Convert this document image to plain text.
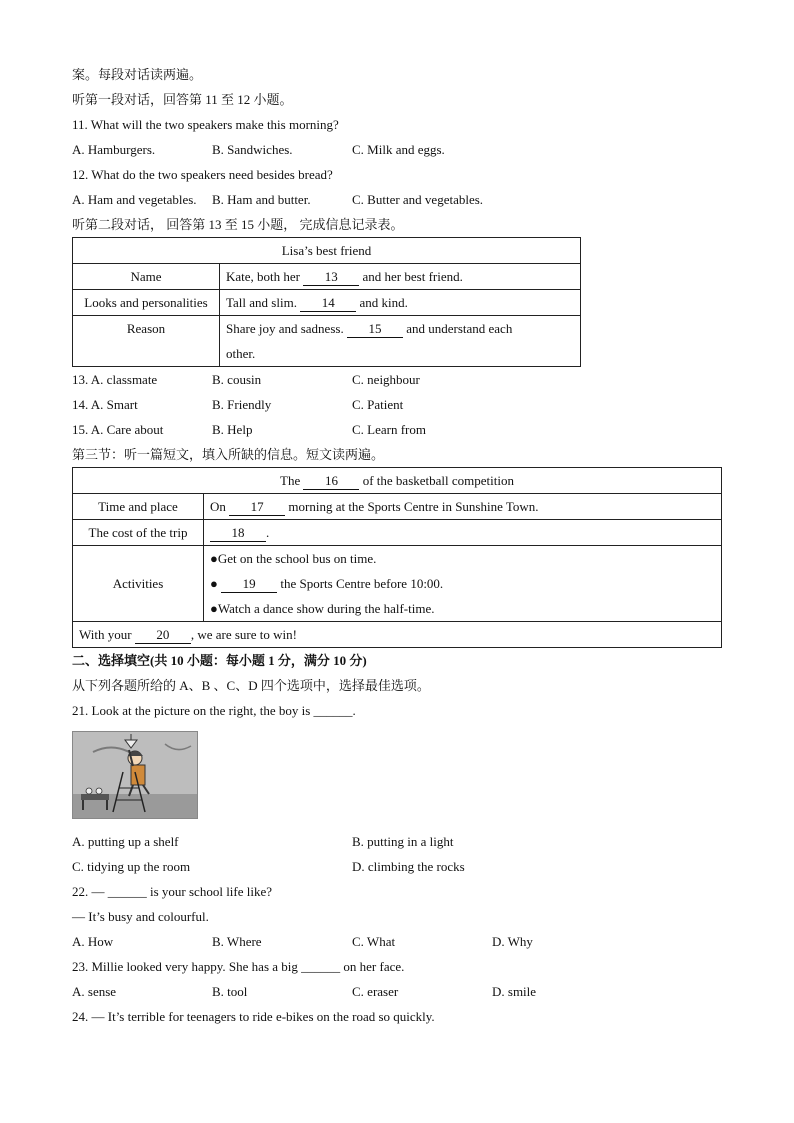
案。每段对话读两遍。
听第一段对话，回答第 11 至 12 小题。
11. What will the two speakers make this morning?
A. Hamburgers.	B. Sandwiches.	C. Milk and eggs.
12. What do the two speakers need besides bread?
A. Ham and vegetables.	B. Ham and butter.	C. Butter and vegetables.
听第二段对话， 回答第 13 至 15 小题， 完成信息记录表。
Lisa’s best friend	
Name	Kate, both her 13 and her best friend.
Looks and personalities	Tall and slim. 14 and kind.
Reason	Share joy and sadness. 15 and understand each
other.
13. A. classmate	B. cousin	C. neighbour
14. A. Smart	B. Friendly	C. Patient
15. A. Care about	B. Help	C. Learn from
第三节：听一篇短文，填入所缺的信息。短文读两遍。
The 16 of the basketball competition	
Time and place	On 17 morning at the Sports Centre in Sunshine Town.
The cost of the trip	18 .
Activities	●Get on the school bus on time.
● 19 the Sports Centre before 10:00.
●Watch a dance show during the half-time.

With your 20 , we are sure to win!	
二、选择填空(共 10 小题：每小题 1 分，满分 10 分)
从下列各题所给的 A、B 、C、D 四个选项中，选择最佳选项。
21. Look at the picture on the right, the boy is ______.
A. putting up a shelf	B. putting in a light
C. tidying up the room	D. climbing the rocks
22. — ______ is your school life like?
— It’s busy and colourful.
A. How	B. Where	C. What	D. Why
23. Millie looked very happy. She has a big ______ on her face.
A. sense	B. tool	C. eraser	D. smile
24. — It’s terrible for teenagers to ride e-bikes on the road so quickly.
